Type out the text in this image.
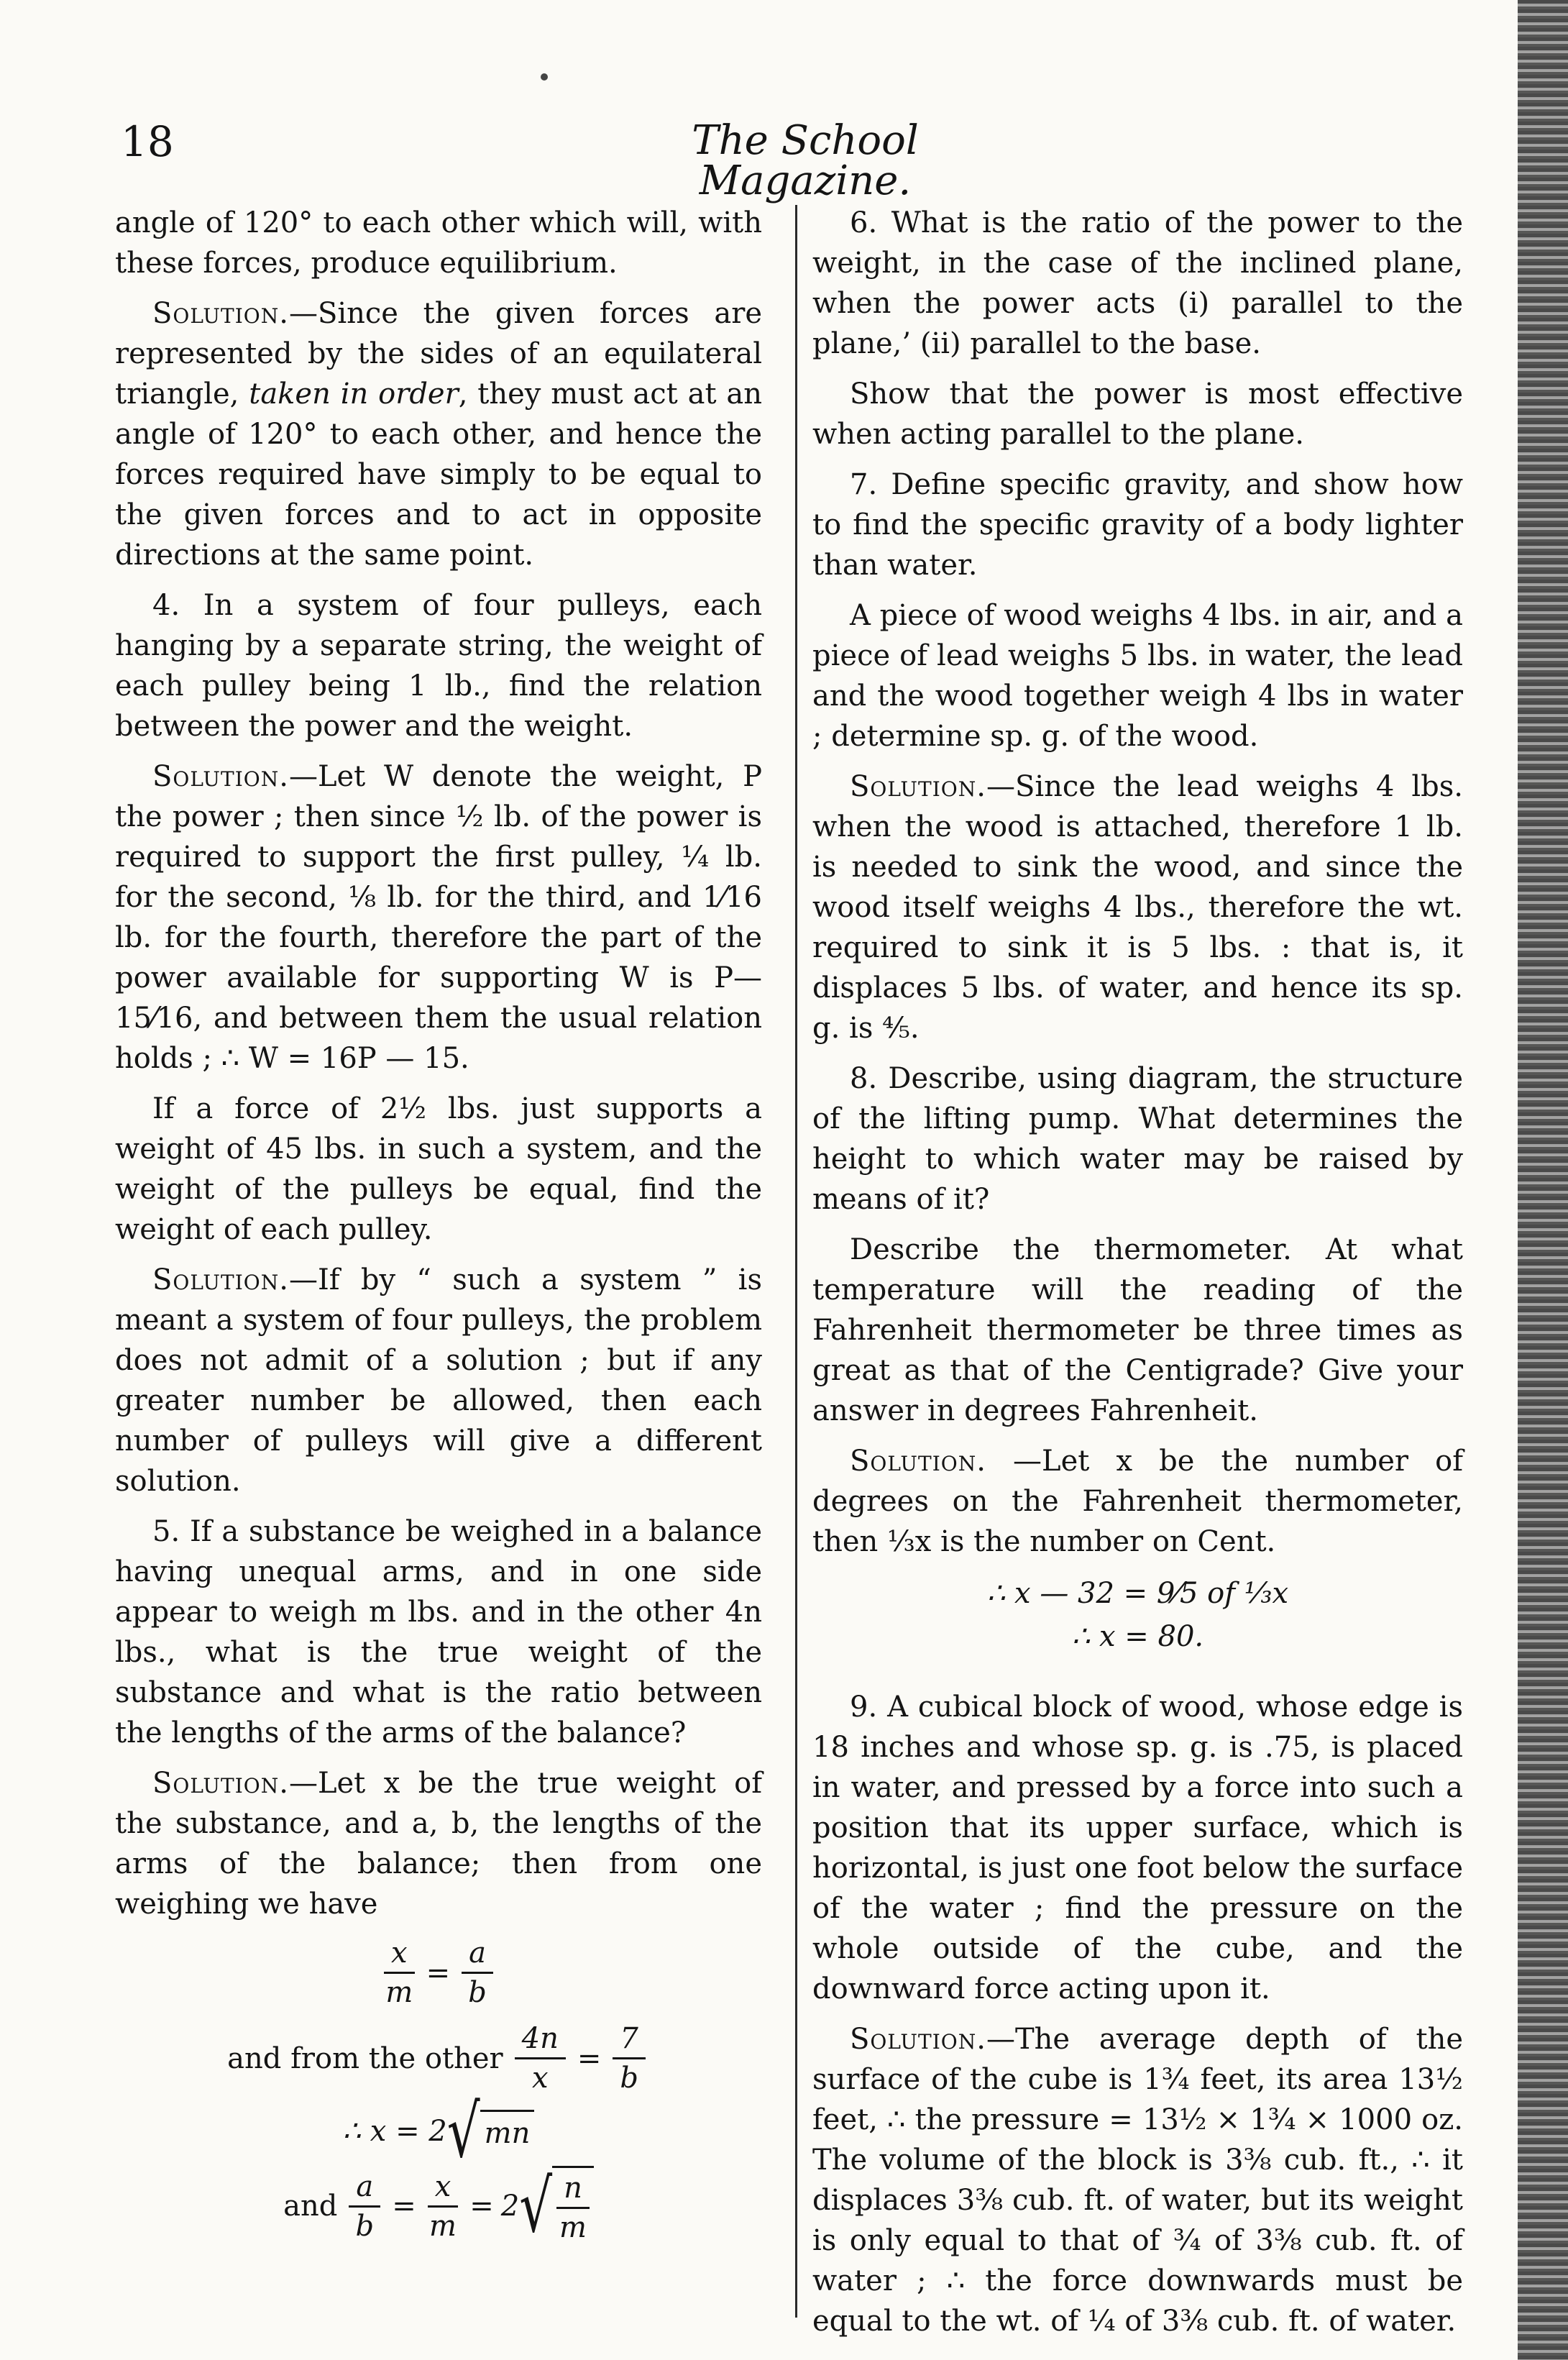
18	The School Magazine.

angle of 120° to each other which will, with these forces, produce equilibrium.

Solution.—Since the given forces are represented by the sides of an equilateral triangle, taken in order, they must act at an angle of 120° to each other, and hence the forces required have simply to be equal to the given forces and to act in opposite directions at the same point.

4. In a system of four pulleys, each hanging by a separate string, the weight of each pulley being 1 lb., find the relation between the power and the weight.

Solution.—Let W denote the weight, P the power ; then since ½ lb. of the power is required to support the first pulley, ¼ lb. for the second, ⅛ lb. for the third, and 1⁄16 lb. for the fourth, therefore the part of the power available for supporting W is P—15⁄16, and between them the usual relation holds ; ∴ W = 16P — 15.

If a force of 2½ lbs. just supports a weight of 45 lbs. in such a system, and the weight of the pulleys be equal, find the weight of each pulley.

Solution.—If by “ such a system ” is meant a system of four pulleys, the problem does not admit of a solution ; but if any greater number be allowed, then each number of pulleys will give a different solution.

5. If a substance be weighed in a balance having unequal arms, and in one side appear to weigh m lbs. and in the other 4n lbs., what is the true weight of the substance and what is the ratio between the lengths of the arms of the balance?

Solution.—Let x be the true weight of the substance, and a, b, the lengths of the arms of the balance; then from one weighing we have

$\frac{x}{m} = \frac{a}{b}$
and from the other $\frac{4n}{x} = \frac{7}{b}$
∴ x = 2 √ mn
and $\frac{a}{b} = \frac{x}{m} = 2$ √ $\frac{n}{m}$

6. What is the ratio of the power to the weight, in the case of the inclined plane, when the power acts (i) parallel to the plane,’ (ii) parallel to the base.

Show that the power is most effective when acting parallel to the plane.

7. Define specific gravity, and show how to find the specific gravity of a body lighter than water.

A piece of wood weighs 4 lbs. in air, and a piece of lead weighs 5 lbs. in water, the lead and the wood together weigh 4 lbs in water ; determine sp. g. of the wood.

Solution.—Since the lead weighs 4 lbs. when the wood is attached, therefore 1 lb. is needed to sink the wood, and since the wood itself weighs 4 lbs., therefore the wt. required to sink it is 5 lbs. : that is, it displaces 5 lbs. of water, and hence its sp. g. is ⅘.

8. Describe, using diagram, the structure of the lifting pump. What determines the height to which water may be raised by means of it?

Describe the thermometer. At what temperature will the reading of the Fahrenheit thermometer be three times as great as that of the Centigrade? Give your answer in degrees Fahrenheit.

Solution. —Let x be the number of degrees on the Fahrenheit thermometer, then ⅓x is the number on Cent.

∴ x — 32 = 9⁄5 of ⅓x
∴ x = 80.

9. A cubical block of wood, whose edge is 18 inches and whose sp. g. is .75, is placed in water, and pressed by a force into such a position that its upper surface, which is horizontal, is just one foot below the surface of the water ; find the pressure on the whole outside of the cube, and the downward force acting upon it.

Solution.—The average depth of the surface of the cube is 1¾ feet, its area 13½ feet, ∴ the pressure = 13½ × 1¾ × 1000 oz. The volume of the block is 3⅜ cub. ft., ∴ it displaces 3⅜ cub. ft. of water, but its weight is only equal to that of ¾ of 3⅜ cub. ft. of water ; ∴ the force downwards must be equal to the wt. of ¼ of 3⅜ cub. ft. of water.
